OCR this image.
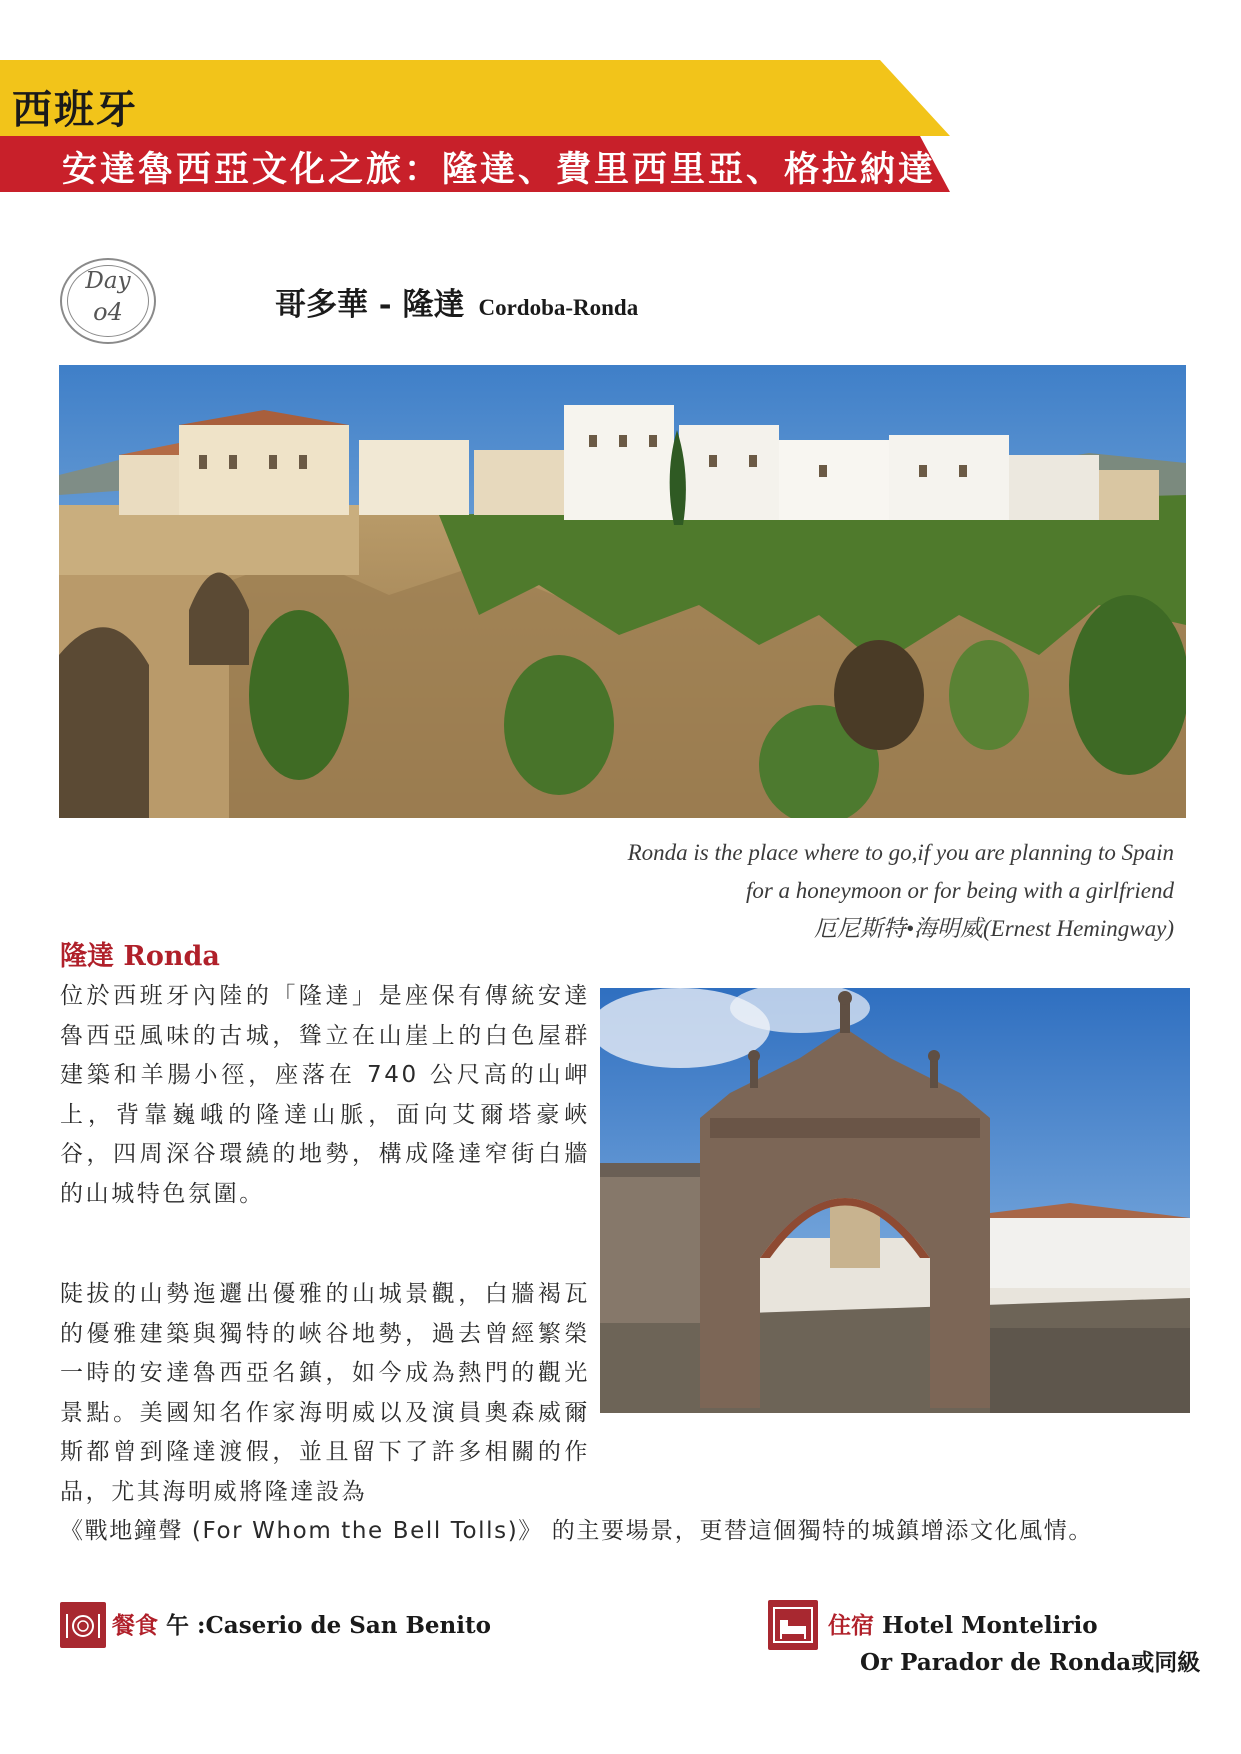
西班牙
安達魯西亞文化之旅：隆達、費里西里亞、格拉納達
Day
o4	哥多華 - 隆達 Cordoba-Ronda
Ronda is the place where to go,if you are planning to Spain
for a honeymoon or for being with a girlfriend
厄尼斯特•海明威(Ernest Hemingway)
隆達 Ronda
位於西班牙內陸的「隆達」是座保有傳統安達魯西亞風味的古城，聳立在山崖上的白色屋群建築和羊腸小徑，座落在 740 公尺高的山岬上，背靠巍峨的隆達山脈，面向艾爾塔豪峽谷，四周深谷環繞的地勢，構成隆達窄街白牆的山城特色氛圍。
陡拔的山勢迤邐出優雅的山城景觀，白牆褐瓦的優雅建築與獨特的峽谷地勢，過去曾經繁榮一時的安達魯西亞名鎮，如今成為熱門的觀光景點。美國知名作家海明威以及演員奧森威爾斯都曾到隆達渡假，並且留下了許多相關的作品，尤其海明威將隆達設為
《戰地鐘聲 (For Whom the Bell Tolls)》 的主要場景，更替這個獨特的城鎮增添文化風情。
餐食 午 :Caserio de San Benito	住宿 Hotel Montelirio
Or Parador de Ronda或同級
